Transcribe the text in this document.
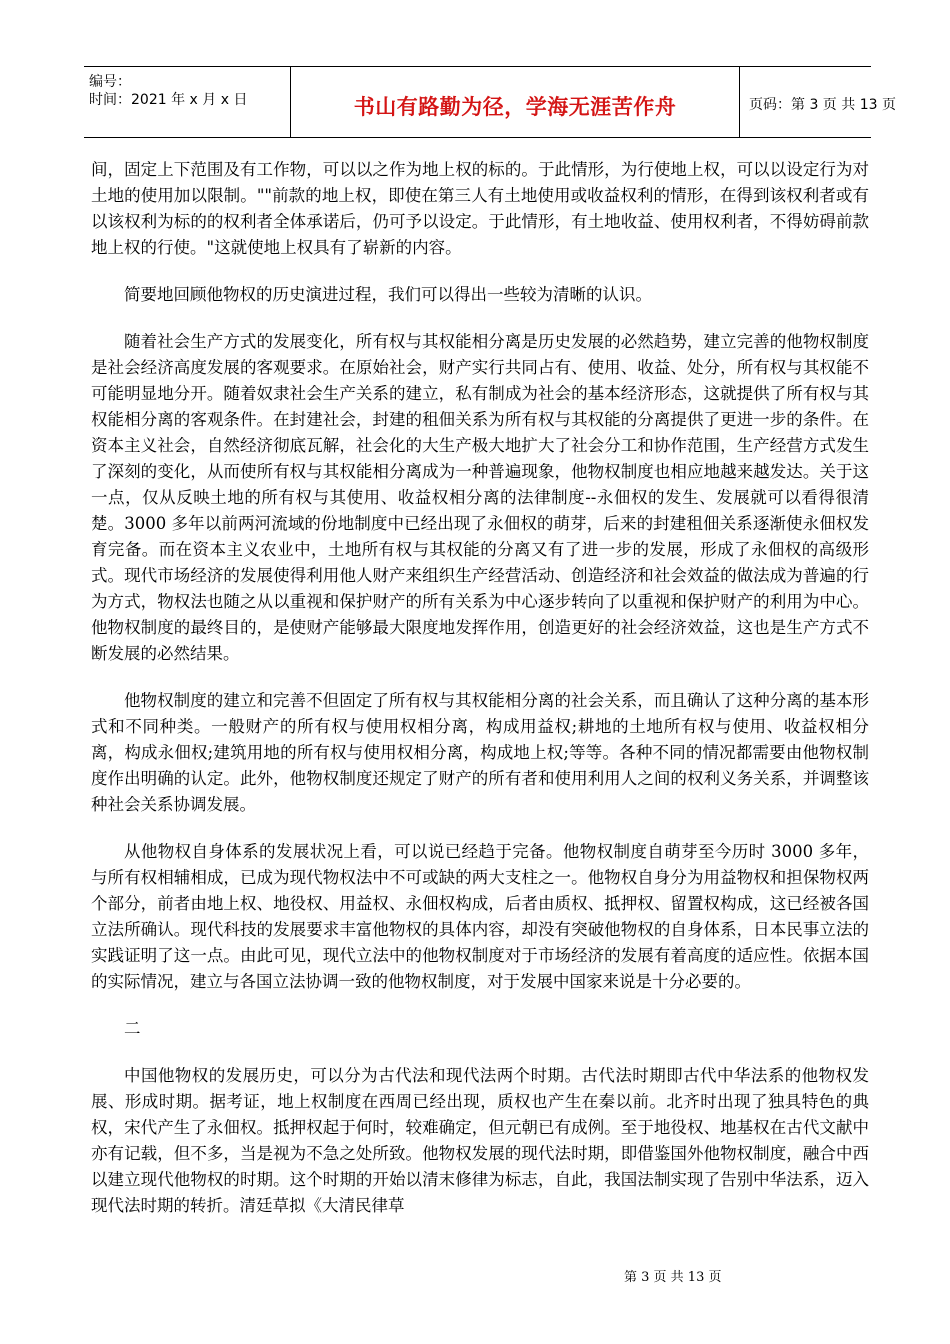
编号：
时间：2021 年 x 月 x 日	书山有路勤为径，学海无涯苦作舟	页码：第 3 页 共 13 页

间，固定上下范围及有工作物，可以以之作为地上权的标的。于此情形，为行使地上权，可以以设定行为对土地的使用加以限制。""前款的地上权，即使在第三人有土地使用或收益权利的情形，在得到该权利者或有以该权利为标的的权利者全体承诺后，仍可予以设定。于此情形，有土地收益、使用权利者，不得妨碍前款地上权的行使。"这就使地上权具有了崭新的内容。

简要地回顾他物权的历史演进过程，我们可以得出一些较为清晰的认识。

随着社会生产方式的发展变化，所有权与其权能相分离是历史发展的必然趋势，建立完善的他物权制度是社会经济高度发展的客观要求。在原始社会，财产实行共同占有、使用、收益、处分，所有权与其权能不可能明显地分开。随着奴隶社会生产关系的建立，私有制成为社会的基本经济形态，这就提供了所有权与其权能相分离的客观条件。在封建社会，封建的租佃关系为所有权与其权能的分离提供了更进一步的条件。在资本主义社会，自然经济彻底瓦解，社会化的大生产极大地扩大了社会分工和协作范围，生产经营方式发生了深刻的变化，从而使所有权与其权能相分离成为一种普遍现象，他物权制度也相应地越来越发达。关于这一点，仅从反映土地的所有权与其使用、收益权相分离的法律制度--永佃权的发生、发展就可以看得很清楚。3000 多年以前两河流域的份地制度中已经出现了永佃权的萌芽，后来的封建租佃关系逐渐使永佃权发育完备。而在资本主义农业中，土地所有权与其权能的分离又有了进一步的发展，形成了永佃权的高级形式。现代市场经济的发展使得利用他人财产来组织生产经营活动、创造经济和社会效益的做法成为普遍的行为方式，物权法也随之从以重视和保护财产的所有关系为中心逐步转向了以重视和保护财产的利用为中心。他物权制度的最终目的，是使财产能够最大限度地发挥作用，创造更好的社会经济效益，这也是生产方式不断发展的必然结果。

他物权制度的建立和完善不但固定了所有权与其权能相分离的社会关系，而且确认了这种分离的基本形式和不同种类。一般财产的所有权与使用权相分离，构成用益权;耕地的土地所有权与使用、收益权相分离，构成永佃权;建筑用地的所有权与使用权相分离，构成地上权;等等。各种不同的情况都需要由他物权制度作出明确的认定。此外，他物权制度还规定了财产的所有者和使用利用人之间的权利义务关系，并调整该种社会关系协调发展。

从他物权自身体系的发展状况上看，可以说已经趋于完备。他物权制度自萌芽至今历时 3000 多年，与所有权相辅相成，已成为现代物权法中不可或缺的两大支柱之一。他物权自身分为用益物权和担保物权两个部分，前者由地上权、地役权、用益权、永佃权构成，后者由质权、抵押权、留置权构成，这已经被各国立法所确认。现代科技的发展要求丰富他物权的具体内容，却没有突破他物权的自身体系，日本民事立法的实践证明了这一点。由此可见，现代立法中的他物权制度对于市场经济的发展有着高度的适应性。依据本国的实际情况，建立与各国立法协调一致的他物权制度，对于发展中国家来说是十分必要的。

二

中国他物权的发展历史，可以分为古代法和现代法两个时期。古代法时期即古代中华法系的他物权发展、形成时期。据考证，地上权制度在西周已经出现，质权也产生在秦以前。北齐时出现了独具特色的典权，宋代产生了永佃权。抵押权起于何时，较难确定，但元朝已有成例。至于地役权、地基权在古代文献中亦有记载，但不多，当是视为不急之处所致。他物权发展的现代法时期，即借鉴国外他物权制度，融合中西以建立现代他物权的时期。这个时期的开始以清末修律为标志，自此，我国法制实现了告别中华法系，迈入现代法时期的转折。清廷草拟《大清民律草

第 3 页 共 13 页
